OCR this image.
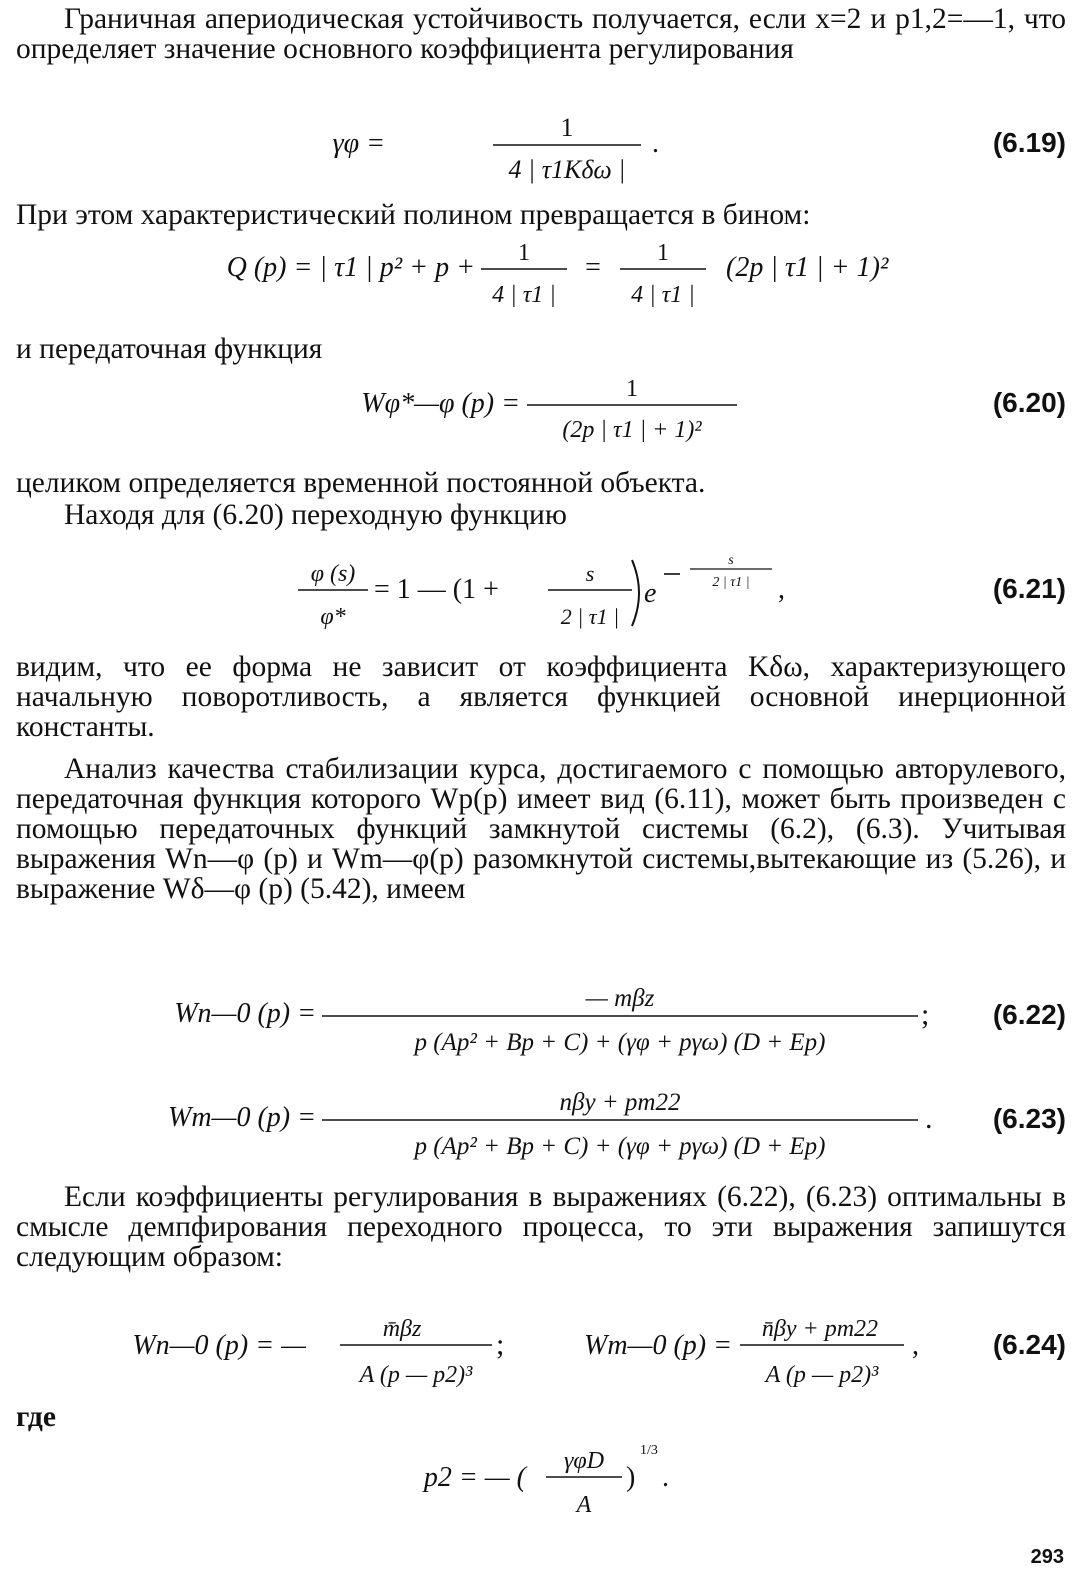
Граничная апериодическая устойчивость получается, если x=2 и p1,2=—1, что определяет значение основного коэффициента регулирования
γφ =
1
4 | τ1Kδω |
.	(6.19)
При этом характеристический полином превращается в бином:
Q (p) = | τ1 | p² + p + 1
4 | τ1 |
= 1
4 | τ1 |
(2p | τ1 | + 1)²
и передаточная функция
Wφ*—φ (p) =	1
(2p | τ1 | + 1)²
(6.20)
целиком определяется временной постоянной объекта.
Находя для (6.20) переходную функцию
φ (s)
φ*
= 1 — (1 +
s
2 | τ1 |
e
s
2 | τ1 | ,	(6.21)
видим, что ее форма не зависит от коэффициента Kδω, характеризующего начальную поворотливость, а является функцией основной инерционной константы.
Анализ качества стабилизации курса, достигаемого с помощью авторулевого, передаточная функция которого Wр(p) имеет вид (6.11), может быть произведен с помощью передаточных функций замкнутой системы (6.2), (6.3). Учитывая выражения Wn—φ (p) и Wm—φ(p) разомкнутой системы,вытекающие из (5.26), и выражение Wδ—φ (p) (5.42), имеем
Wn—0 (p) =	— mβz
p (Ap² + Bp + C) + (γφ + pγω) (D + Ep)
; (6.22)
Wm—0 (p) =	nβy + pm22
p (Ap² + Bp + C) + (γφ + pγω) (D + Ep)
. (6.23)
Если коэффициенты регулирования в выражениях (6.22), (6.23) оптимальны в смысле демпфирования переходного процесса, то эти выражения запишутся следующим образом:
Wn—0 (p) = —
m̄βz
A (p — p2)³
;	Wm—0 (p) =
n̄βy + pm22
A (p — p2)³
,	(6.24)
где
p2 = — (
γφD
A
)
1/3
.
293
